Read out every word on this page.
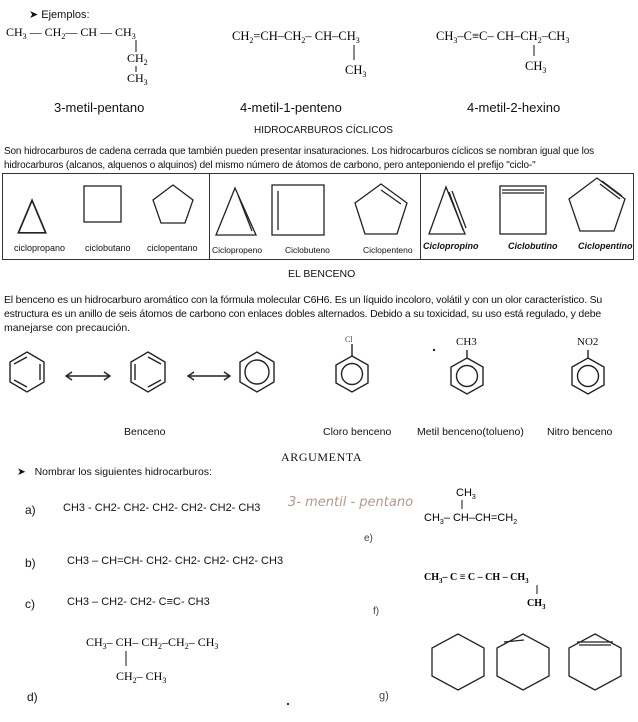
➤ Ejemplos:
$CH_3$ — $CH_2—$ CH — $CH_3$
$CH_2$
$CH_3$
3-metil-pentano
$CH_2=CH-CH_2-$ $CH-CH_3$
$CH_3$
4-metil-1-penteno
$CH_3-C\equiv C-$ $CH-CH_2-CH_3$
$CH_3$
4-metil-2-hexino
HIDROCARBUROS CÍCLICOS
Son hidrocarburos de cadena cerrada que también pueden presentar insaturaciones. Los hidrocarburos cíclicos se nombran igual que los
hidrocarburos (alcanos, alquenos o alquinos) del mismo número de átomos de carbono, pero anteponiendo el prefijo "ciclo-"
ciclopropano ciclobutano ciclopentano Ciclopropeno	Ciclobuteno	Ciclopenteno Ciclopropino	Ciclobutino Ciclopentino
EL BENCENO
El benceno es un hidrocarburo aromático con la fórmula molecular C6H6. Es un líquido incoloro, volátil y con un olor característico. Su
estructura es un anillo de seis átomos de carbono con enlaces dobles alternados. Debido a su toxicidad, su uso está regulado, y debe
manejarse con precaución.
Cl	CH3	NO2
Benceno	Cloro benceno Metil benceno(tolueno) Nitro benceno
ARGUMENTA
➤   Nombrar los siguientes hidrocarburos:
a) CH3 - CH2- CH2- CH2- CH2- CH2- CH3 3- mentil - pentano
e)
$CH_3$
$CH_3-$ $CH-CH=CH_2$
b)	CH3 – CH=CH- CH2- CH2- CH2- CH2- CH3
f)
$CH_3-$ C ≡ C – CH – $CH_3$
$CH_3$
c)	CH3 – CH2- CH2- C≡C- CH3
$CH_3-$ CH– $CH_2-CH_2-$ $CH_3$
$CH_2-$ $CH_3$
d)	g)
